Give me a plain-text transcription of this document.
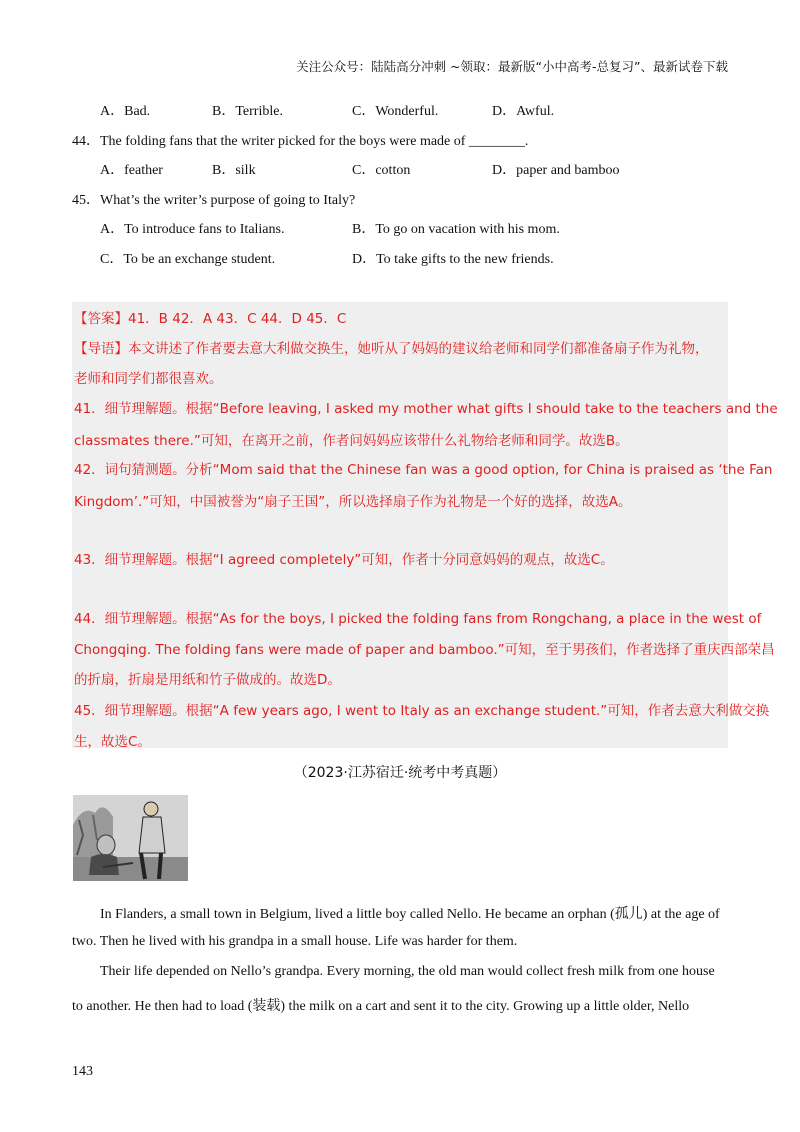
关注公众号：陆陆高分冲刺 ~领取：最新版“小中高考-总复习”、最新试卷下载
A．Bad.	B．Terrible.	C．Wonderful.	D．Awful.
44．The folding fans that the writer picked for the boys were made of ________.
A．feather	B．silk	C．cotton	D．paper and bamboo
45．What’s the writer’s purpose of going to Italy?
A．To introduce fans to Italians.	B．To go on vacation with his mom.
C．To be an exchange student.	D．To take gifts to the new friends.
【答案】41．B 42．A 43．C 44．D 45．C
【导语】本文讲述了作者要去意大利做交换生，她听从了妈妈的建议给老师和同学们都准备扇子作为礼物，
老师和同学们都很喜欢。
41．细节理解题。根据“Before leaving, I asked my mother what gifts I should take to the teachers and the
classmates there.”可知，在离开之前，作者问妈妈应该带什么礼物给老师和同学。故选B。
42．词句猜测题。分析“Mom said that the Chinese fan was a good option, for China is praised as ‘the Fan
Kingdom’.”可知，中国被誉为“扇子王国”，所以选择扇子作为礼物是一个好的选择，故选A。
43．细节理解题。根据“I agreed completely”可知，作者十分同意妈妈的观点，故选C。
44．细节理解题。根据“As for the boys, I picked the folding fans from Rongchang, a place in the west of
Chongqing. The folding fans were made of paper and bamboo.”可知，至于男孩们，作者选择了重庆西部荣昌
的折扇，折扇是用纸和竹子做成的。故选D。
45．细节理解题。根据“A few years ago, I went to Italy as an exchange student.”可知，作者去意大利做交换
生，故选C。
（2023·江苏宿迁·统考中考真题）
In Flanders, a small town in Belgium, lived a little boy called Nello. He became an orphan (孤儿) at the age of
two. Then he lived with his grandpa in a small house. Life was harder for them.
Their life depended on Nello’s grandpa. Every morning, the old man would collect fresh milk from one house
to another. He then had to load (装载) the milk on a cart and sent it to the city. Growing up a little older, Nello
143
